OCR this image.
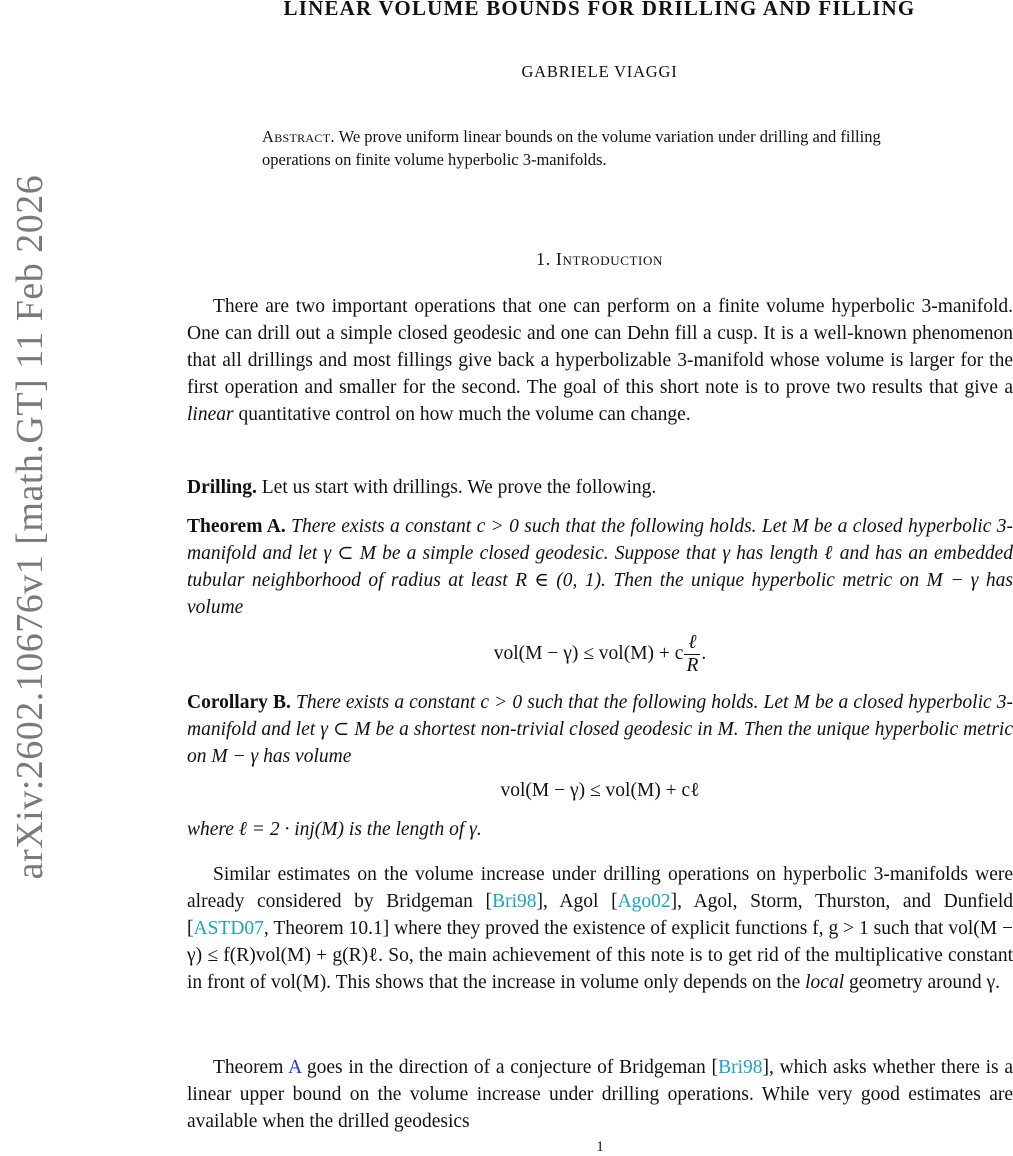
arXiv:2602.10676v1 [math.GT] 11 Feb 2026
LINEAR VOLUME BOUNDS FOR DRILLING AND FILLING
GABRIELE VIAGGI
Abstract. We prove uniform linear bounds on the volume variation under drilling and filling operations on finite volume hyperbolic 3-manifolds.
1. Introduction

There are two important operations that one can perform on a finite volume hyperbolic 3-manifold. One can drill out a simple closed geodesic and one can Dehn fill a cusp. It is a well-known phenomenon that all drillings and most fillings give back a hyperbolizable 3-manifold whose volume is larger for the first operation and smaller for the second. The goal of this short note is to prove two results that give a linear quantitative control on how much the volume can change.

Drilling. Let us start with drillings. We prove the following.

Theorem A. There exists a constant c > 0 such that the following holds. Let M be a closed hyperbolic 3-manifold and let γ ⊂ M be a simple closed geodesic. Suppose that γ has length ℓ and has an embedded tubular neighborhood of radius at least R ∈ (0, 1). Then the unique hyperbolic metric on M − γ has volume

vol(M − γ) ≤ vol(M) + c $\frac{\text{ℓ}}{R}$ .

Corollary B. There exists a constant c > 0 such that the following holds. Let M be a closed hyperbolic 3-manifold and let γ ⊂ M be a shortest non-trivial closed geodesic in M. Then the unique hyperbolic metric on M − γ has volume

vol(M − γ) ≤ vol(M) + cℓ

where ℓ = 2 · inj(M) is the length of γ.

Similar estimates on the volume increase under drilling operations on hyperbolic 3-manifolds were already considered by Bridgeman [Bri98], Agol [Ago02], Agol, Storm, Thurston, and Dunfield [ASTD07, Theorem 10.1] where they proved the existence of explicit functions f, g > 1 such that vol(M − γ) ≤ f(R)vol(M) + g(R)ℓ. So, the main achievement of this note is to get rid of the multiplicative constant in front of vol(M). This shows that the increase in volume only depends on the local geometry around γ.

Theorem A goes in the direction of a conjecture of Bridgeman [Bri98], which asks whether there is a linear upper bound on the volume increase under drilling operations. While very good estimates are available when the drilled geodesics

1
